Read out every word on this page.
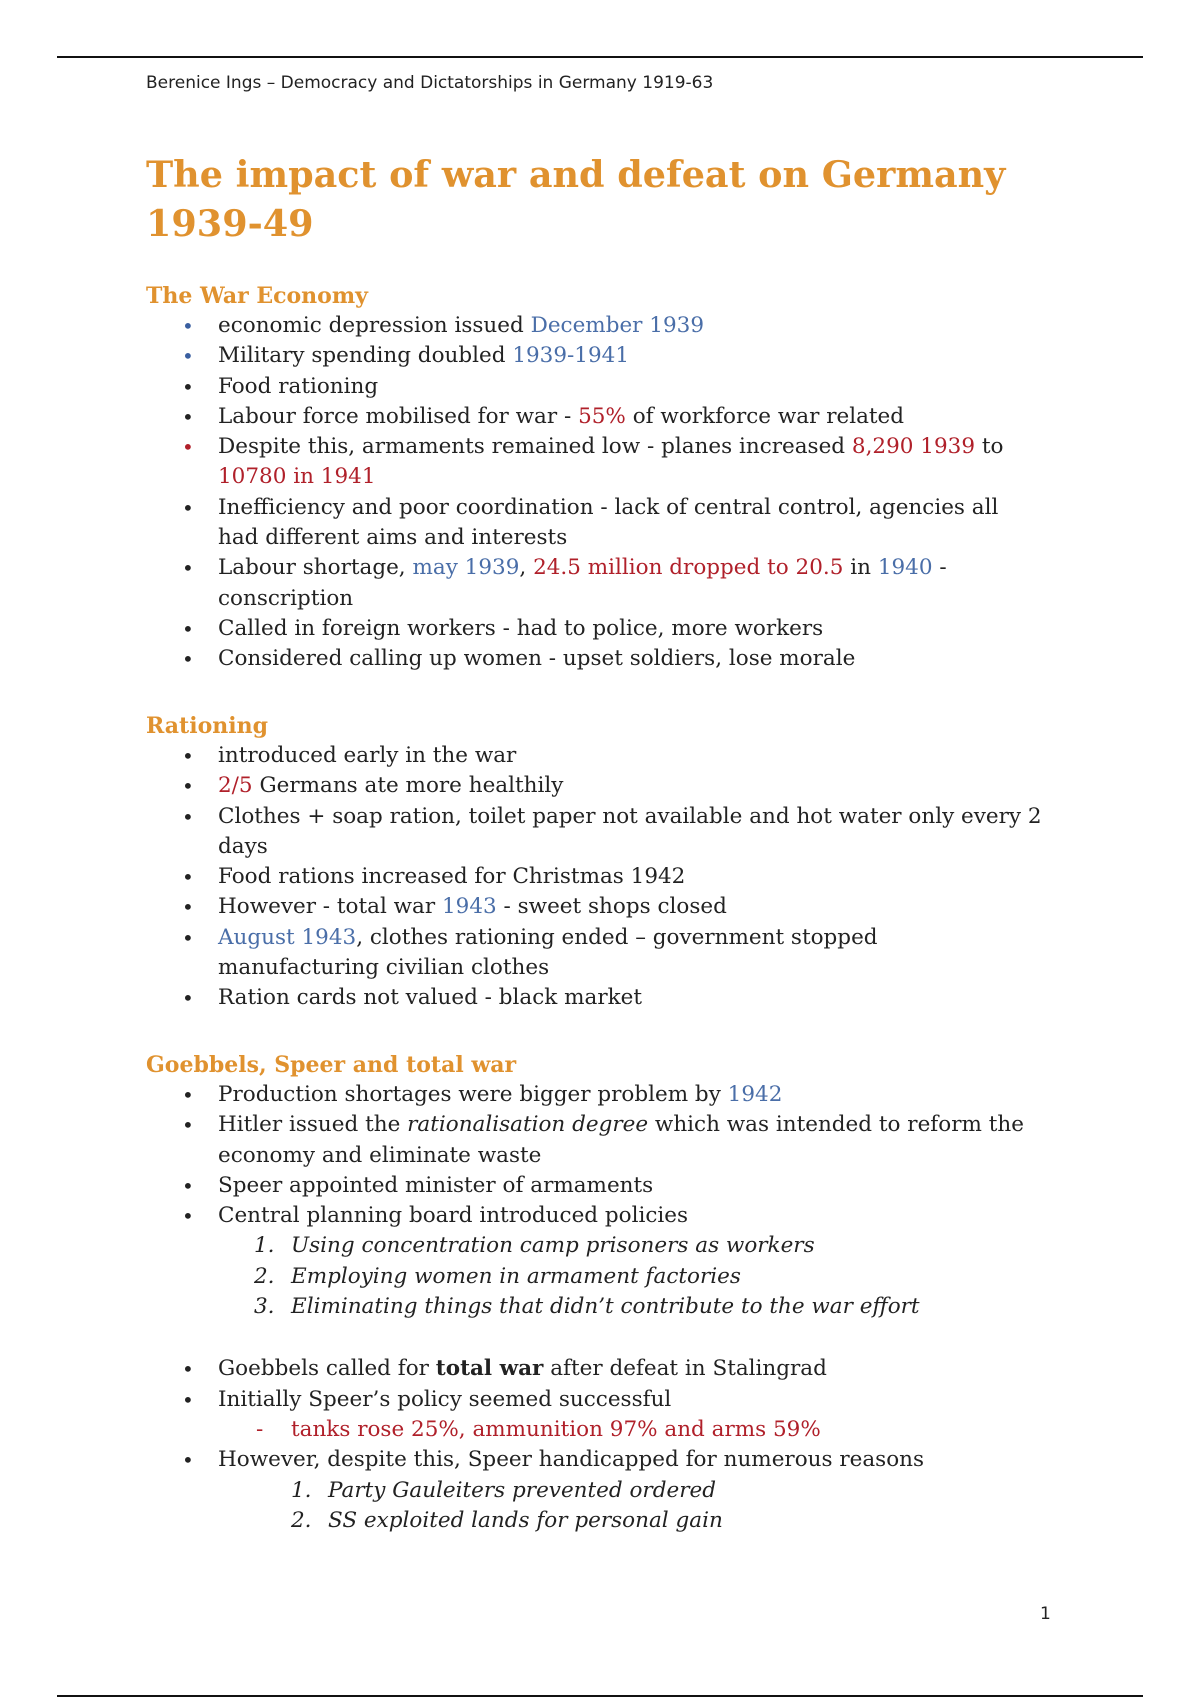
Berenice Ings – Democracy and Dictatorships in Germany 1919-63
The impact of war and defeat on Germany
1939-49
The War Economy
• economic depression issued December 1939
• Military spending doubled 1939-1941
• Food rationing
• Labour force mobilised for war - 55% of workforce war related
• Despite this, armaments remained low - planes increased 8,290 1939 to
10780 in 1941
• Inefficiency and poor coordination - lack of central control, agencies all
had different aims and interests
• Labour shortage, may 1939, 24.5 million dropped to 20.5 in 1940 -
conscription
• Called in foreign workers - had to police, more workers
• Considered calling up women - upset soldiers, lose morale
Rationing
• introduced early in the war
• 2/5 Germans ate more healthily
• Clothes + soap ration, toilet paper not available and hot water only every 2
days
• Food rations increased for Christmas 1942
• However - total war 1943 - sweet shops closed
• August 1943, clothes rationing ended – government stopped
manufacturing civilian clothes
• Ration cards not valued - black market
Goebbels, Speer and total war
• Production shortages were bigger problem by 1942
• Hitler issued the rationalisation degree which was intended to reform the
economy and eliminate waste
• Speer appointed minister of armaments
• Central planning board introduced policies
1. Using concentration camp prisoners as workers
2. Employing women in armament factories
3. Eliminating things that didn’t contribute to the war effort
• Goebbels called for total war after defeat in Stalingrad
• Initially Speer’s policy seemed successful
- tanks rose 25%, ammunition 97% and arms 59%
• However, despite this, Speer handicapped for numerous reasons
1. Party Gauleiters prevented ordered
2. SS exploited lands for personal gain
1
